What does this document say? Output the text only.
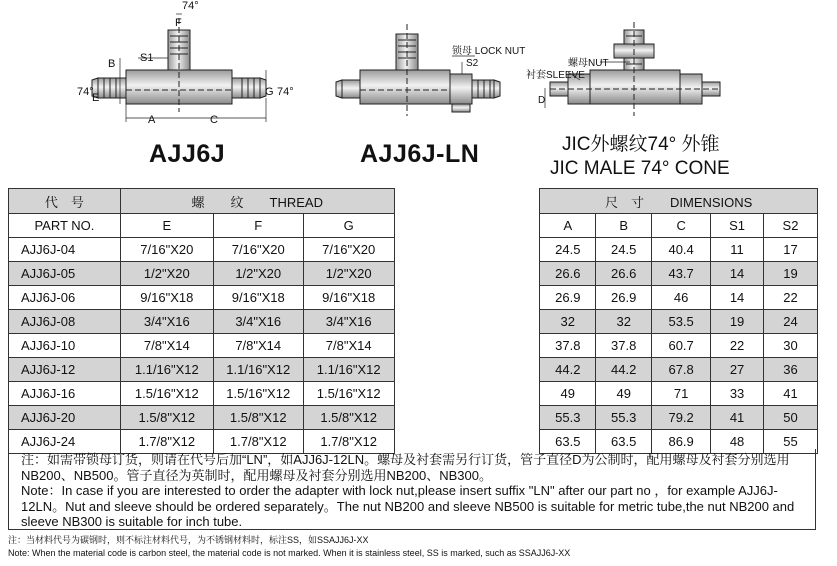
74°
F
S1
B
E	G
74°	74°
A	C
AJJ6J
锁母 LOCK NUT
S2
AJJ6J-LN
螺母NUT
衬套SLEEVE
D
JIC外螺纹74° 外锥
JIC MALE 74° CONE
代　号	螺　　纹　　THREAD				尺　寸　　DIMENSIONS				
PART NO.	E	F	G		A	B	C	S1	S2
AJJ6J-04	7/16"X20	7/16"X20	7/16"X20		24.5	24.5	40.4	11	17
AJJ6J-05	1/2"X20	1/2"X20	1/2"X20		26.6	26.6	43.7	14	19
AJJ6J-06	9/16"X18	9/16"X18	9/16"X18		26.9	26.9	46	14	22
AJJ6J-08	3/4"X16	3/4"X16	3/4"X16		32	32	53.5	19	24
AJJ6J-10	7/8"X14	7/8"X14	7/8"X14		37.8	37.8	60.7	22	30
AJJ6J-12	1.1/16"X12	1.1/16"X12	1.1/16"X12		44.2	44.2	67.8	27	36
AJJ6J-16	1.5/16"X12	1.5/16"X12	1.5/16"X12		49	49	71	33	41
AJJ6J-20	1.5/8"X12	1.5/8"X12	1.5/8"X12		55.3	55.3	79.2	41	50
AJJ6J-24	1.7/8"X12	1.7/8"X12	1.7/8"X12		63.5	63.5	86.9	48	55
注：如需带锁母订货，则请在代号后加“LN”，如AJJ6J-12LN。螺母及衬套需另行订货，管子直径D为公制时，配用螺母及衬套分别选用NB200、NB500。管子直径为英制时，配用螺母及衬套分别选用NB200、NB300。
Note：In case if you are interested to order the adapter with lock nut,please insert suffix "LN" after our part no ，for example AJJ6J-12LN。Nut and sleeve should be ordered separately。The nut NB200 and sleeve NB500 is suitable for metric tube,the nut NB200 and sleeve NB300 is suitable for inch tube.
注：当材料代号为碳钢时，则不标注材料代号，为不锈钢材料时，标注SS，如SSAJJ6J-XX
Note: When the material code is carbon steel, the material code is not marked. When it is stainless steel, SS is marked, such as SSAJJ6J-XX
